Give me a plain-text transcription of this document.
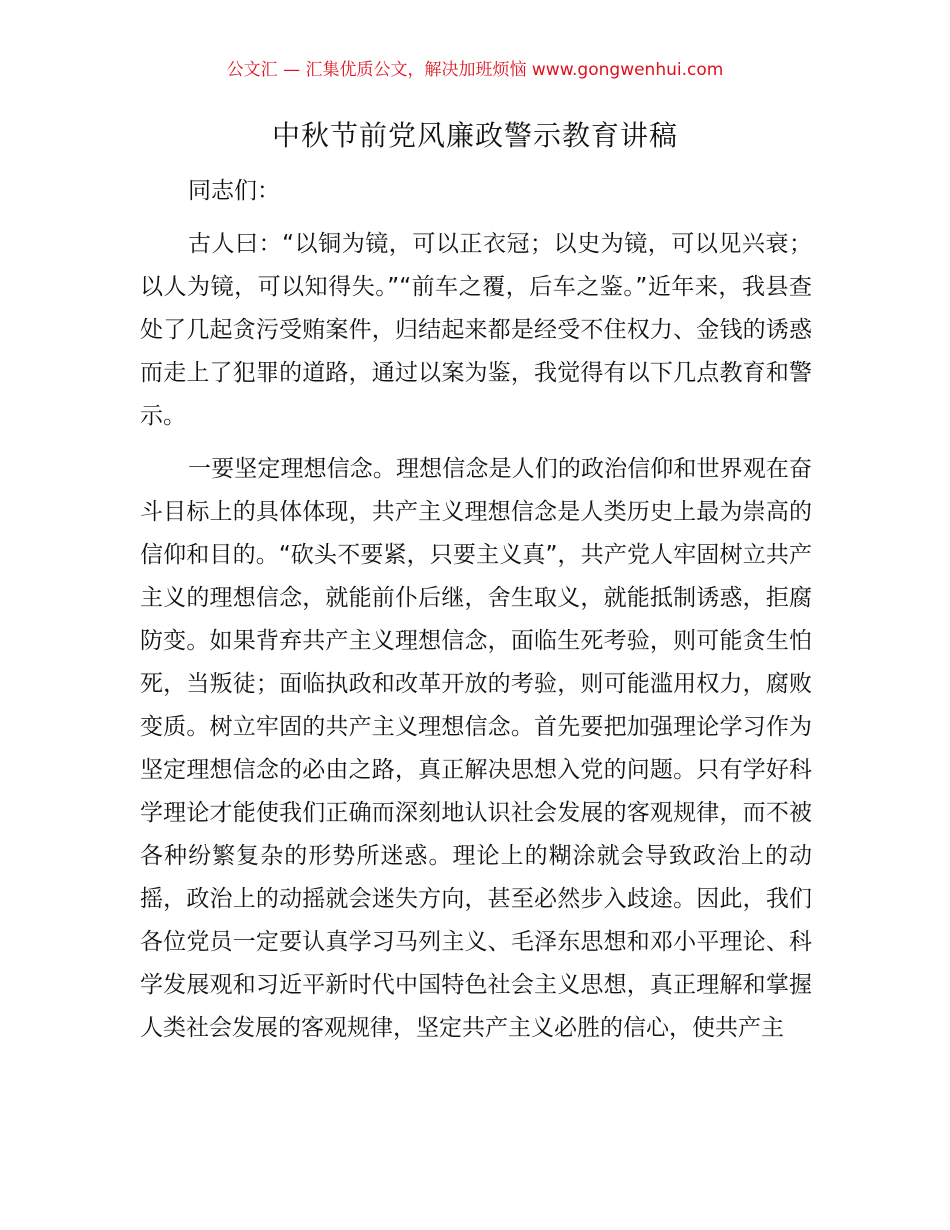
公文汇 — 汇集优质公文，解决加班烦恼 www.gongwenhui.com
中秋节前党风廉政警示教育讲稿

同志们：

古人曰：“以铜为镜，可以正衣冠；以史为镜，可以见兴衰；以人为镜，可以知得失。”“前车之覆，后车之鉴。”近年来，我县查处了几起贪污受贿案件，归结起来都是经受不住权力、金钱的诱惑而走上了犯罪的道路，通过以案为鉴，我觉得有以下几点教育和警示。

一要坚定理想信念。理想信念是人们的政治信仰和世界观在奋斗目标上的具体体现，共产主义理想信念是人类历史上最为崇高的信仰和目的。“砍头不要紧，只要主义真”，共产党人牢固树立共产主义的理想信念，就能前仆后继，舍生取义，就能抵制诱惑，拒腐防变。如果背弃共产主义理想信念，面临生死考验，则可能贪生怕死，当叛徒；面临执政和改革开放的考验，则可能滥用权力，腐败变质。树立牢固的共产主义理想信念。首先要把加强理论学习作为坚定理想信念的必由之路，真正解决思想入党的问题。只有学好科学理论才能使我们正确而深刻地认识社会发展的客观规律，而不被各种纷繁复杂的形势所迷惑。理论上的糊涂就会导致政治上的动摇，政治上的动摇就会迷失方向，甚至必然步入歧途。因此，我们各位党员一定要认真学习马列主义、毛泽东思想和邓小平理论、科学发展观和习近平新时代中国特色社会主义思想，真正理解和掌握人类社会发展的客观规律，坚定共产主义必胜的信心，使共产主
